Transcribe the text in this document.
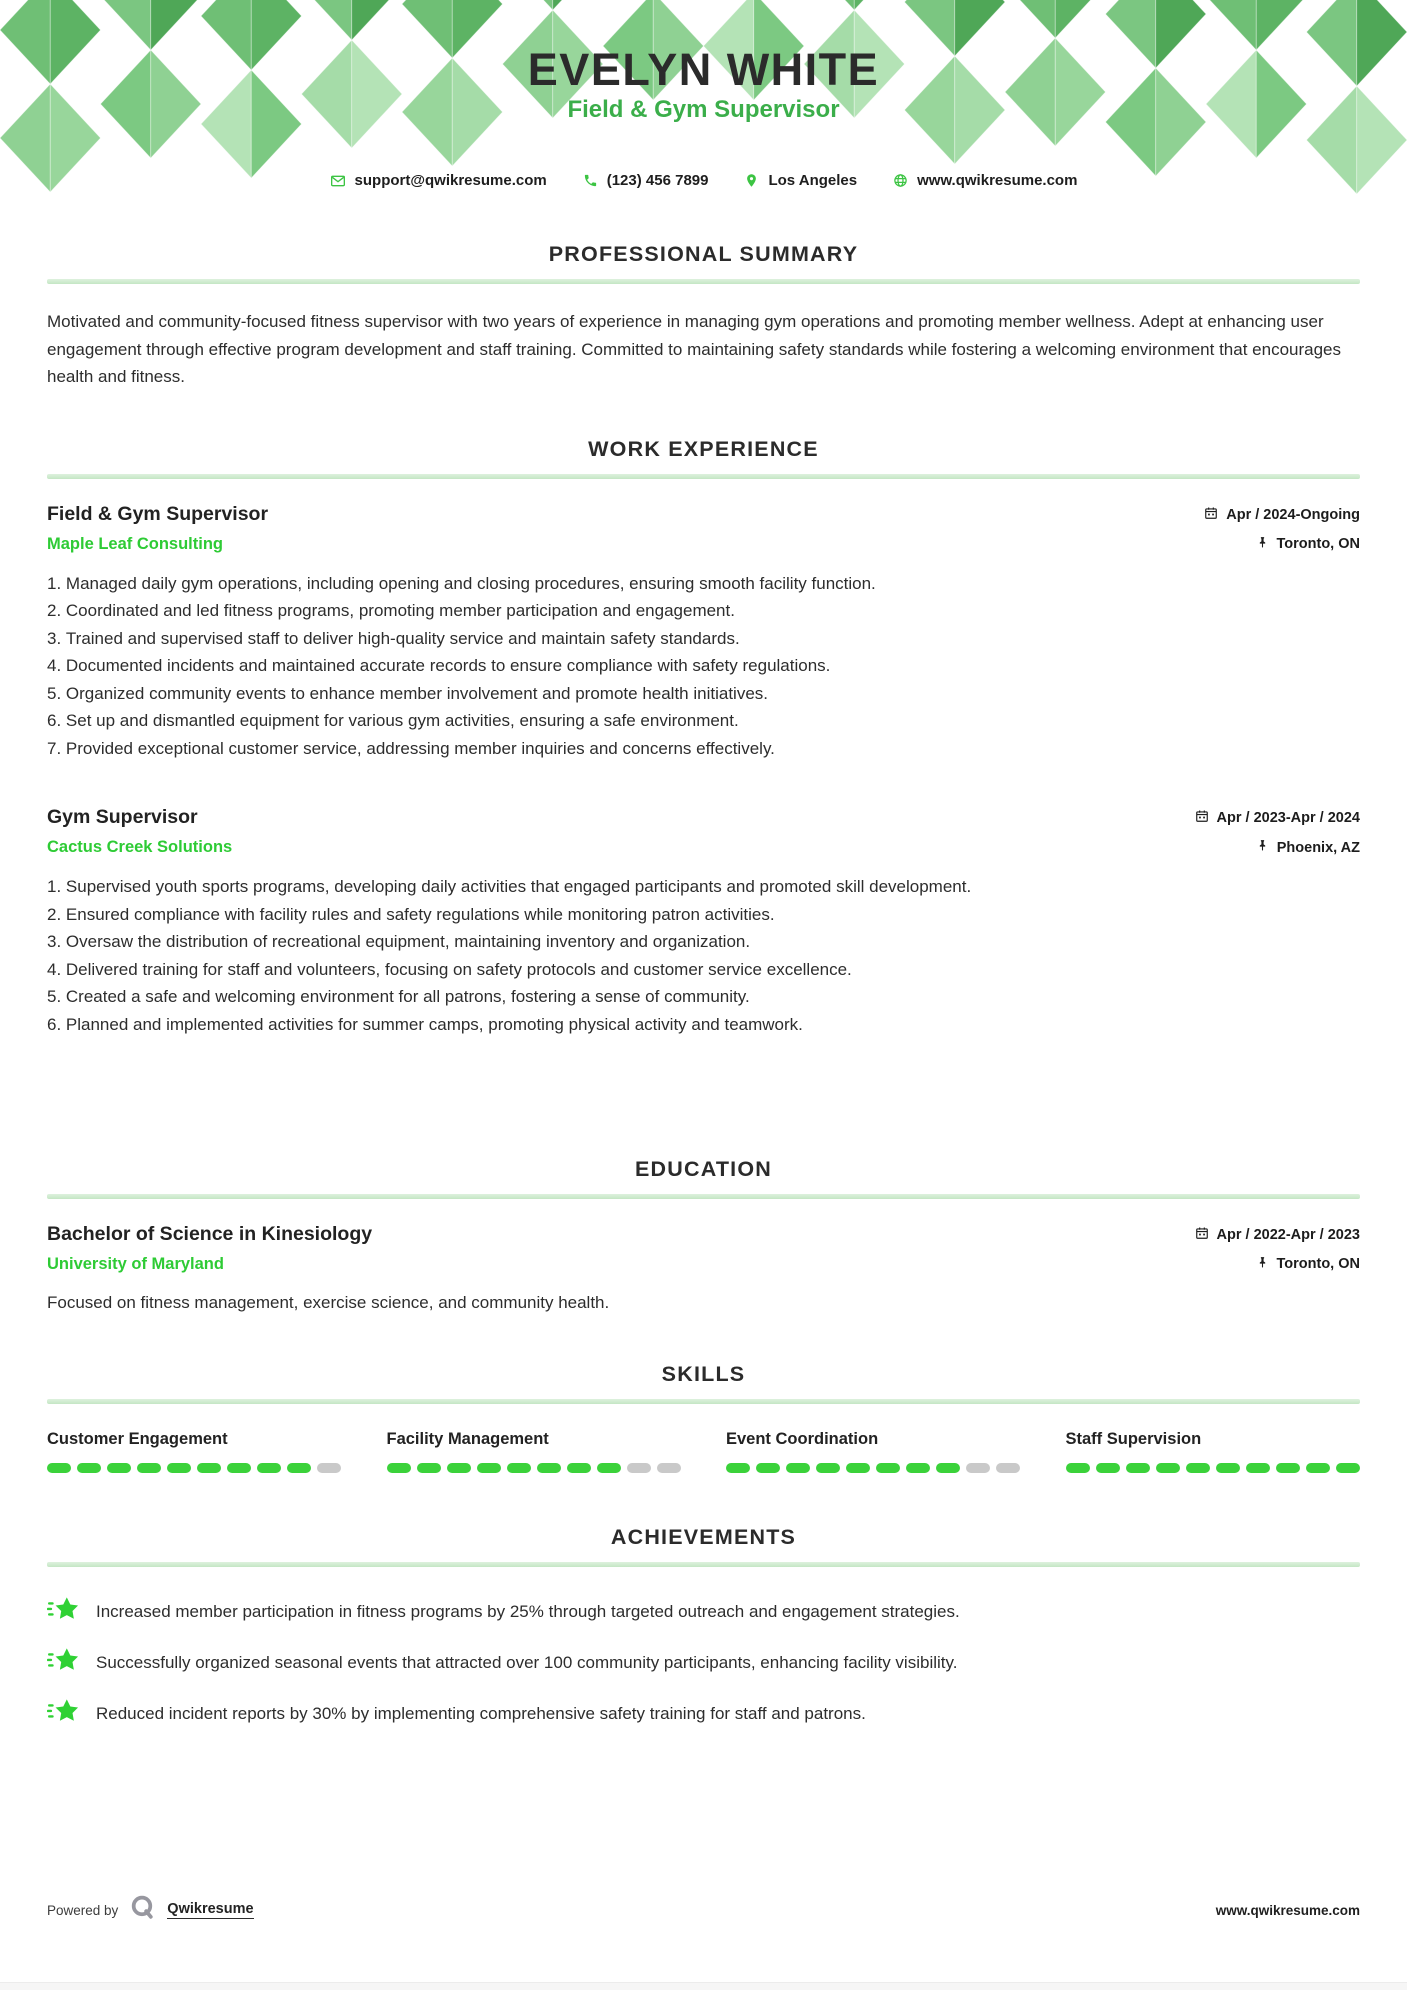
EVELYN WHITE
Field & Gym Supervisor
support@qwikresume.com	(123) 456 7899	Los Angeles	www.qwikresume.com
PROFESSIONAL SUMMARY

Motivated and community-focused fitness supervisor with two years of experience in managing gym operations and promoting member wellness. Adept at enhancing user engagement through effective program development and staff training. Committed to maintaining safety standards while fostering a welcoming environment that encourages health and fitness.

WORK EXPERIENCE
Field & Gym Supervisor
Maple Leaf Consulting
Apr / 2024-Ongoing
Toronto, ON
1. Managed daily gym operations, including opening and closing procedures, ensuring smooth facility function.
2. Coordinated and led fitness programs, promoting member participation and engagement.
3. Trained and supervised staff to deliver high-quality service and maintain safety standards.
4. Documented incidents and maintained accurate records to ensure compliance with safety regulations.
5. Organized community events to enhance member involvement and promote health initiatives.
6. Set up and dismantled equipment for various gym activities, ensuring a safe environment.
7. Provided exceptional customer service, addressing member inquiries and concerns effectively.
Gym Supervisor
Cactus Creek Solutions
Apr / 2023-Apr / 2024
Phoenix, AZ
1. Supervised youth sports programs, developing daily activities that engaged participants and promoted skill development.
2. Ensured compliance with facility rules and safety regulations while monitoring patron activities.
3. Oversaw the distribution of recreational equipment, maintaining inventory and organization.
4. Delivered training for staff and volunteers, focusing on safety protocols and customer service excellence.
5. Created a safe and welcoming environment for all patrons, fostering a sense of community.
6. Planned and implemented activities for summer camps, promoting physical activity and teamwork.
EDUCATION
Bachelor of Science in Kinesiology
University of Maryland
Apr / 2022-Apr / 2023
Toronto, ON

Focused on fitness management, exercise science, and community health.

SKILLS
Customer Engagement	Facility Management	Event Coordination	Staff Supervision
ACHIEVEMENTS
Increased member participation in fitness programs by 25% through targeted outreach and engagement strategies.
Successfully organized seasonal events that attracted over 100 community participants, enhancing facility visibility.
Reduced incident reports by 30% by implementing comprehensive safety training for staff and patrons.
Powered by	Qwikresume	www.qwikresume.com
